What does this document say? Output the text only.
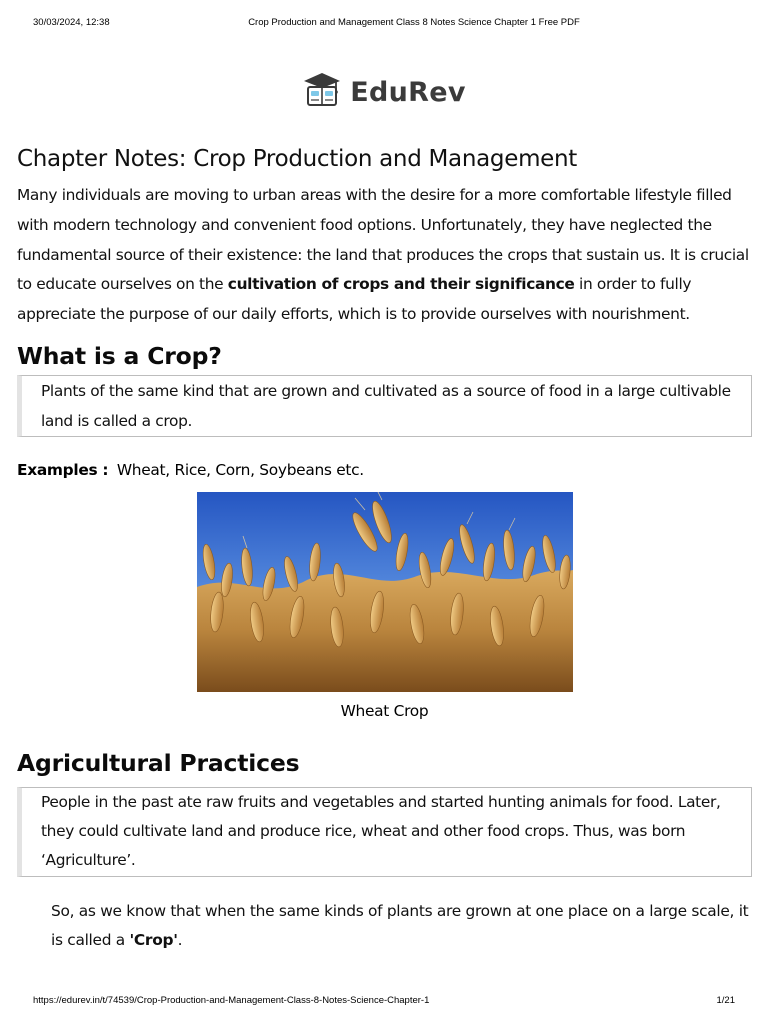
30/03/2024, 12:38	Crop Production and Management Class 8 Notes Science Chapter 1 Free PDF
EduRev
Chapter Notes: Crop Production and Management

Many individuals are moving to urban areas with the desire for a more comfortable lifestyle filled with modern technology and convenient food options. Unfortunately, they have neglected the fundamental source of their existence: the land that produces the crops that sustain us. It is crucial to educate ourselves on the cultivation of crops and their significance in order to fully appreciate the purpose of our daily efforts, which is to provide ourselves with nourishment.

What is a Crop?
Plants of the same kind that are grown and cultivated as a source of food in a large cultivable land is called a crop.
Examples : Wheat, Rice, Corn, Soybeans etc.
Wheat Crop
Agricultural Practices
People in the past ate raw fruits and vegetables and started hunting animals for food. Later, they could cultivate land and produce rice, wheat and other food crops. Thus, was born ‘Agriculture’.

So, as we know that when the same kinds of plants are grown at one place on a large scale, it is called a 'Crop'.

https://edurev.in/t/74539/Crop-Production-and-Management-Class-8-Notes-Science-Chapter-1	1/21
